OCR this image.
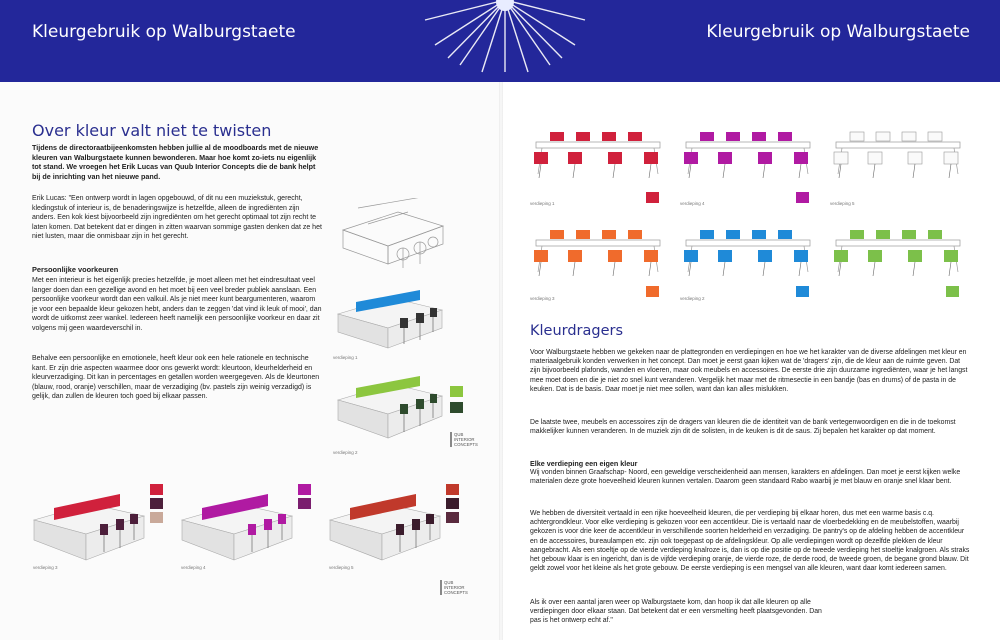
Kleurgebruik op Walburgstaete	Kleurgebruik op Walburgstaete
Over kleur valt niet te twisten

Tijdens de directoraatbijeenkomsten hebben jullie al de moodboards met de nieuwe kleuren van Walburgstaete kunnen bewonderen. Maar hoe komt zo-iets nu eigenlijk tot stand. We vroegen het Erik Lucas van Quub Interior Concepts die de bank helpt bij de inrichting van het nieuwe pand.

Erik Lucas: "Een ontwerp wordt in lagen opgebouwd, of dit nu een muziekstuk, gerecht, kledingstuk of interieur is, de benaderingswijze is hetzelfde, alleen de ingrediënten zijn anders. Een kok kiest bijvoorbeeld zijn ingrediënten om het gerecht optimaal tot zijn recht te laten komen. Dat betekent dat er dingen in zitten waarvan sommige gasten denken dat ze het niet lusten, maar die onmisbaar zijn in het gerecht.

Persoonlijke voorkeuren

Met een interieur is het eigenlijk precies hetzelfde, je moet alleen met het eindresultaat veel langer doen dan een gezellige avond en het moet bij een veel breder publiek aanslaan. Een persoonlijke voorkeur wordt dan een valkuil. Als je niet meer kunt beargumenteren, waarom je voor een bepaalde kleur gekozen hebt, anders dan te zeggen 'dat vind ik leuk of mooi', dan wordt de uitkomst zeer wankel. Iedereen heeft namelijk een persoonlijke voorkeur en daar zit volgens mij geen waardeverschil in.

Behalve een persoonlijke en emotionele, heeft kleur ook een hele rationele en technische kant. Er zijn drie aspecten waarmee door ons gewerkt wordt: kleurtoon, kleurhelderheid en kleurverzadiging. Dit kan in percentages en getallen worden weergegeven. Als de kleurtonen (blauw, rood, oranje) verschillen, maar de verzadiging (bv. pastels zijn weinig verzadigd) is gelijk, dan zullen de kleuren toch goed bij elkaar passen.

verdieping 1
QUB
INTERIOR
CONCEPTS
verdieping 2
verdieping 3	verdieping 4	verdieping 5
QUB
INTERIOR
CONCEPTS
verdieping 1	verdieping 4	verdieping 5
verdieping 3	verdieping 2
Kleurdragers

Voor Walburgstaete hebben we gekeken naar de plattegronden en verdiepingen en hoe we het karakter van de diverse afdelingen met kleur en materiaalgebruik konden verwerken in het concept. Dan moet je eerst gaan kijken wat de 'dragers' zijn, die de kleur aan de ruimte geven. Dat zijn bijvoorbeeld plafonds, wanden en vloeren, maar ook meubels en accessoires. De eerste drie zijn duurzame ingrediënten, waar je het langst mee moet doen en die je niet zo snel kunt veranderen. Vergelijk het maar met de ritmesectie in een bandje (bas en drums) of de pasta in de keuken. Dat is de basis. Daar moet je niet mee sollen, want dan kan alles mislukken.

De laatste twee, meubels en accessoires zijn de dragers van kleuren die de identiteit van de bank vertegenwoordigen en die in de toekomst makkelijker kunnen veranderen. In de muziek zijn dit de solisten, in de keuken is dit de saus. Zij bepalen het karakter op dat moment.

Elke verdieping een eigen kleur

Wij vonden binnen Graafschap- Noord, een geweldige verscheidenheid aan mensen, karakters en afdelingen. Dan moet je eerst kijken welke materialen deze grote hoeveelheid kleuren kunnen vertalen. Daarom geen standaard Rabo waarbij je met blauw en oranje snel klaar bent.

We hebben de diversiteit vertaald in een rijke hoeveelheid kleuren, die per verdieping bij elkaar horen, dus met een warme basis c.q. achtergrondkleur. Voor elke verdieping is gekozen voor een accentkleur. Die is vertaald naar de vloerbedekking en de meubelstoffen, waarbij gekozen is voor drie keer de accentkleur in verschillende soorten helderheid en verzadiging. De pantry's op de afdeling hebben de accentkleur en de accessoires, bureaulampen etc. zijn ook toegepast op de afdelingskleur. Op alle verdiepingen wordt op dezelfde plekken de kleur aangebracht. Als een stoeltje op de vierde verdieping knalroze is, dan is op die positie op de tweede verdieping het stoeltje knalgroen. Als straks het gebouw klaar is en ingericht, dan is de vijfde verdieping oranje, de vierde roze, de derde rood, de tweede groen, de begane grond blauw. Dit geldt zowel voor het kleine als het grote gebouw. De eerste verdieping is een mengsel van alle kleuren, want daar komt iedereen samen.

Als ik over een aantal jaren weer op Walburgstaete kom, dan hoop ik dat alle kleuren op alle verdiepingen door elkaar staan. Dat betekent dat er een versmelting heeft plaatsgevonden. Dan pas is het ontwerp echt af."
